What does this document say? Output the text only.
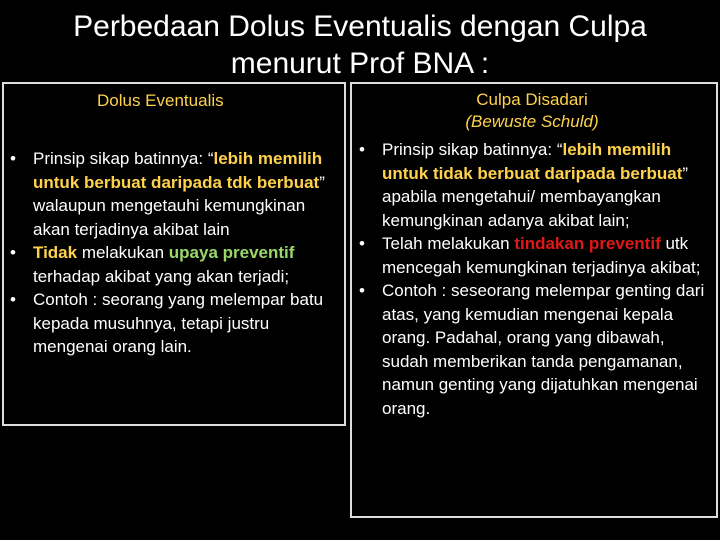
Perbedaan Dolus Eventualis dengan Culpa
menurut Prof BNA :
Dolus Eventualis	Culpa Disadari
(Bewuste Schuld)
• Prinsip sikap batinnya: “lebih memilih untuk berbuat daripada tdk berbuat” walaupun mengetauhi kemungkinan akan terjadinya akibat lain
• Tidak melakukan upaya preventif terhadap akibat yang akan terjadi;
• Contoh : seorang yang melempar batu kepada musuhnya, tetapi justru mengenai orang lain.
• Prinsip sikap batinnya: “lebih memilih untuk tidak berbuat daripada berbuat” apabila mengetahui/ membayangkan kemungkinan adanya akibat lain;
• Telah melakukan tindakan preventif utk mencegah kemungkinan terjadinya akibat;
• Contoh : seseorang melempar genting dari atas, yang kemudian mengenai kepala orang. Padahal, orang yang dibawah, sudah memberikan tanda pengamanan, namun genting yang dijatuhkan mengenai orang.
